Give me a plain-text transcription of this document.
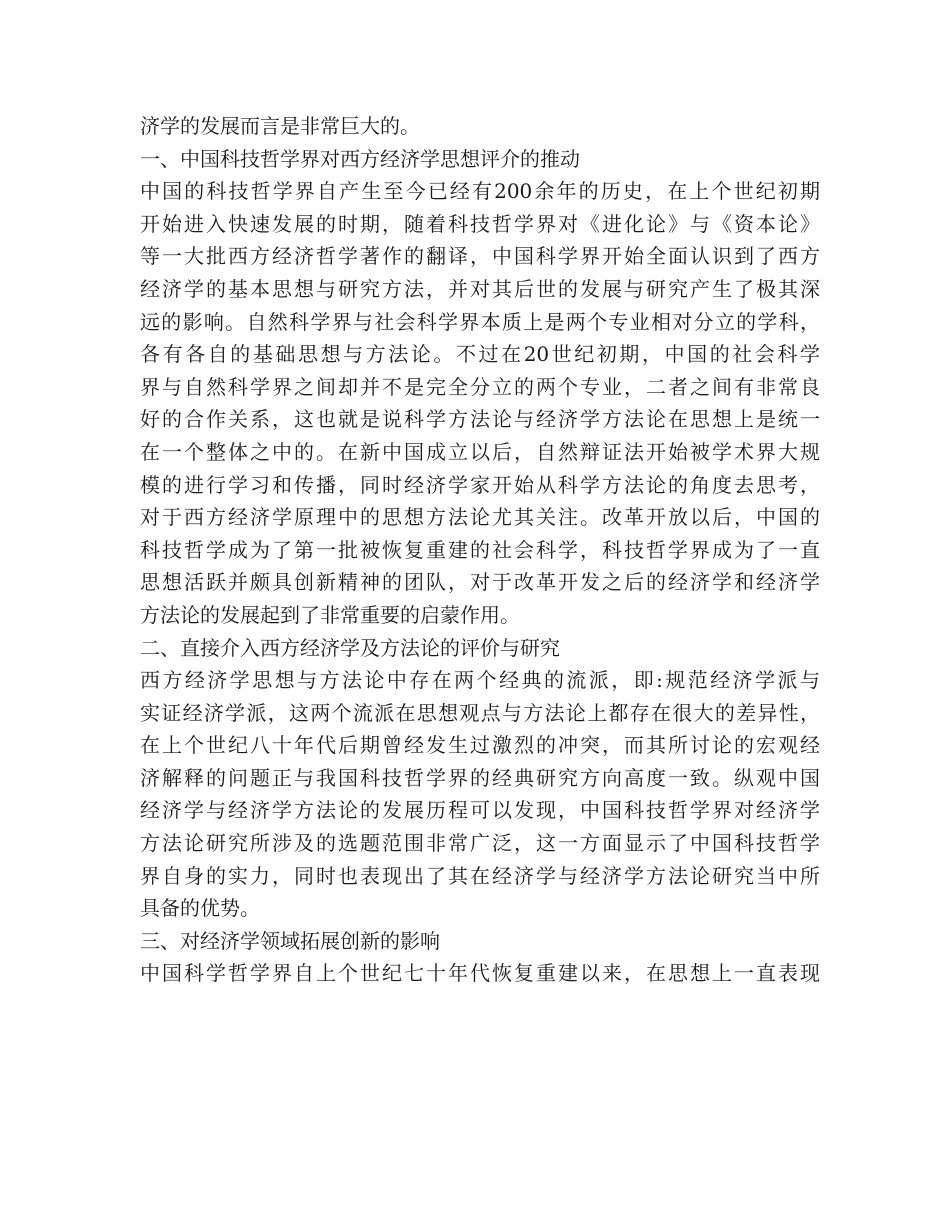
济学的发展而言是非常巨大的。
一、中国科技哲学界对西方经济学思想评介的推动
中国的科技哲学界自产生至今已经有200余年的历史，在上个世纪初期
开始进入快速发展的时期，随着科技哲学界对《进化论》与《资本论》
等一大批西方经济哲学著作的翻译，中国科学界开始全面认识到了西方
经济学的基本思想与研究方法，并对其后世的发展与研究产生了极其深
远的影响。自然科学界与社会科学界本质上是两个专业相对分立的学科，
各有各自的基础思想与方法论。不过在20世纪初期，中国的社会科学
界与自然科学界之间却并不是完全分立的两个专业，二者之间有非常良
好的合作关系，这也就是说科学方法论与经济学方法论在思想上是统一
在一个整体之中的。在新中国成立以后，自然辩证法开始被学术界大规
模的进行学习和传播，同时经济学家开始从科学方法论的角度去思考，
对于西方经济学原理中的思想方法论尤其关注。改革开放以后，中国的
科技哲学成为了第一批被恢复重建的社会科学，科技哲学界成为了一直
思想活跃并颇具创新精神的团队，对于改革开发之后的经济学和经济学
方法论的发展起到了非常重要的启蒙作用。
二、直接介入西方经济学及方法论的评价与研究
西方经济学思想与方法论中存在两个经典的流派，即:规范经济学派与
实证经济学派，这两个流派在思想观点与方法论上都存在很大的差异性，
在上个世纪八十年代后期曾经发生过激烈的冲突，而其所讨论的宏观经
济解释的问题正与我国科技哲学界的经典研究方向高度一致。纵观中国
经济学与经济学方法论的发展历程可以发现，中国科技哲学界对经济学
方法论研究所涉及的选题范围非常广泛，这一方面显示了中国科技哲学
界自身的实力，同时也表现出了其在经济学与经济学方法论研究当中所
具备的优势。
三、对经济学领域拓展创新的影响
中国科学哲学界自上个世纪七十年代恢复重建以来，在思想上一直表现
